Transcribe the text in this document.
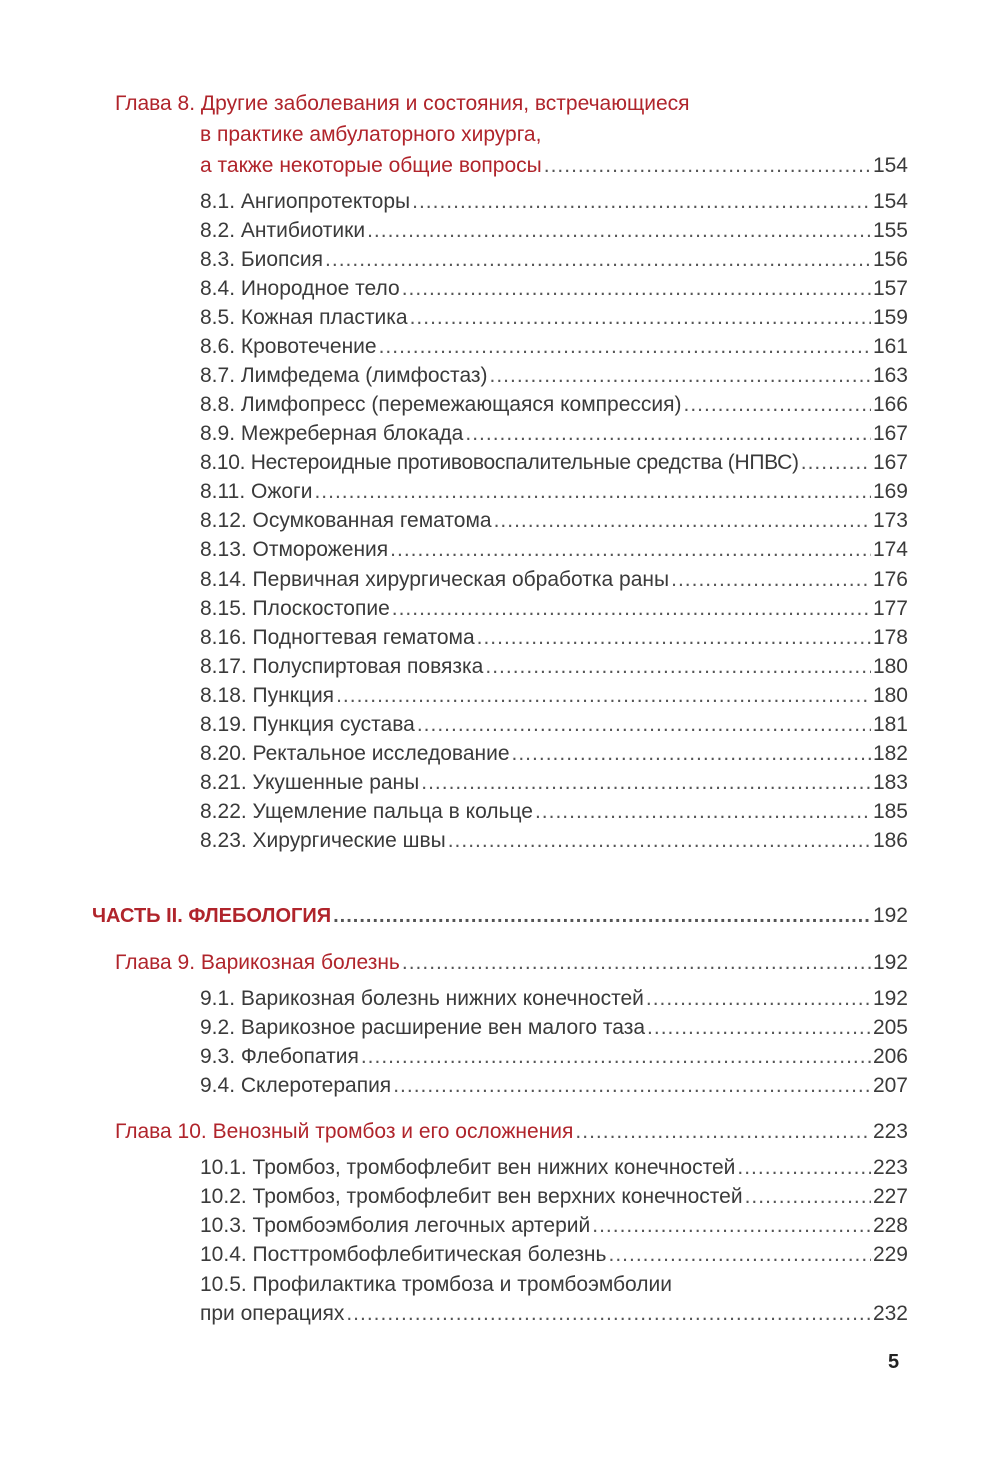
Глава 8. Другие заболевания и состояния, встречающиеся
в практике амбулаторного хирурга,
а также некоторые общие вопросы .....	154
8.1. Ангиопротекторы .....	154
8.2. Антибиотики .....	155
8.3. Биопсия .....	156
8.4. Инородное тело .....	157
8.5. Кожная пластика .....	159
8.6. Кровотечение .....	161
8.7. Лимфедема (лимфостаз) .....	163
8.8. Лимфопресс (перемежающаяся компрессия) .....	166
8.9. Межреберная блокада .....	167
8.10. Нестероидные противовоспалительные средства (НПВС) .....	167
8.11. Ожоги .....	169
8.12. Осумкованная гематома .....	173
8.13. Отморожения .....	174
8.14. Первичная хирургическая обработка раны .....	176
8.15. Плоскостопие .....	177
8.16. Подногтевая гематома .....	178
8.17. Полуспиртовая повязка .....	180
8.18. Пункция .....	180
8.19. Пункция сустава .....	181
8.20. Ректальное исследование .....	182
8.21. Укушенные раны .....	183
8.22. Ущемление пальца в кольце .....	185
8.23. Хирургические швы .....	186
ЧАСТЬ II. ФЛЕБОЛОГИЯ .....	192
Глава 9. Варикозная болезнь .....	192
9.1. Варикозная болезнь нижних конечностей .....	192
9.2. Варикозное расширение вен малого таза .....	205
9.3. Флебопатия .....	206
9.4. Склеротерапия .....	207
Глава 10. Венозный тромбоз и его осложнения .....	223
10.1. Тромбоз, тромбофлебит вен нижних конечностей .....	223
10.2. Тромбоз, тромбофлебит вен верхних конечностей .....	227
10.3. Тромбоэмболия легочных артерий .....	228
10.4. Посттромбофлебитическая болезнь .....	229
10.5. Профилактика тромбоза и тромбоэмболии
при операциях .....	232
5
